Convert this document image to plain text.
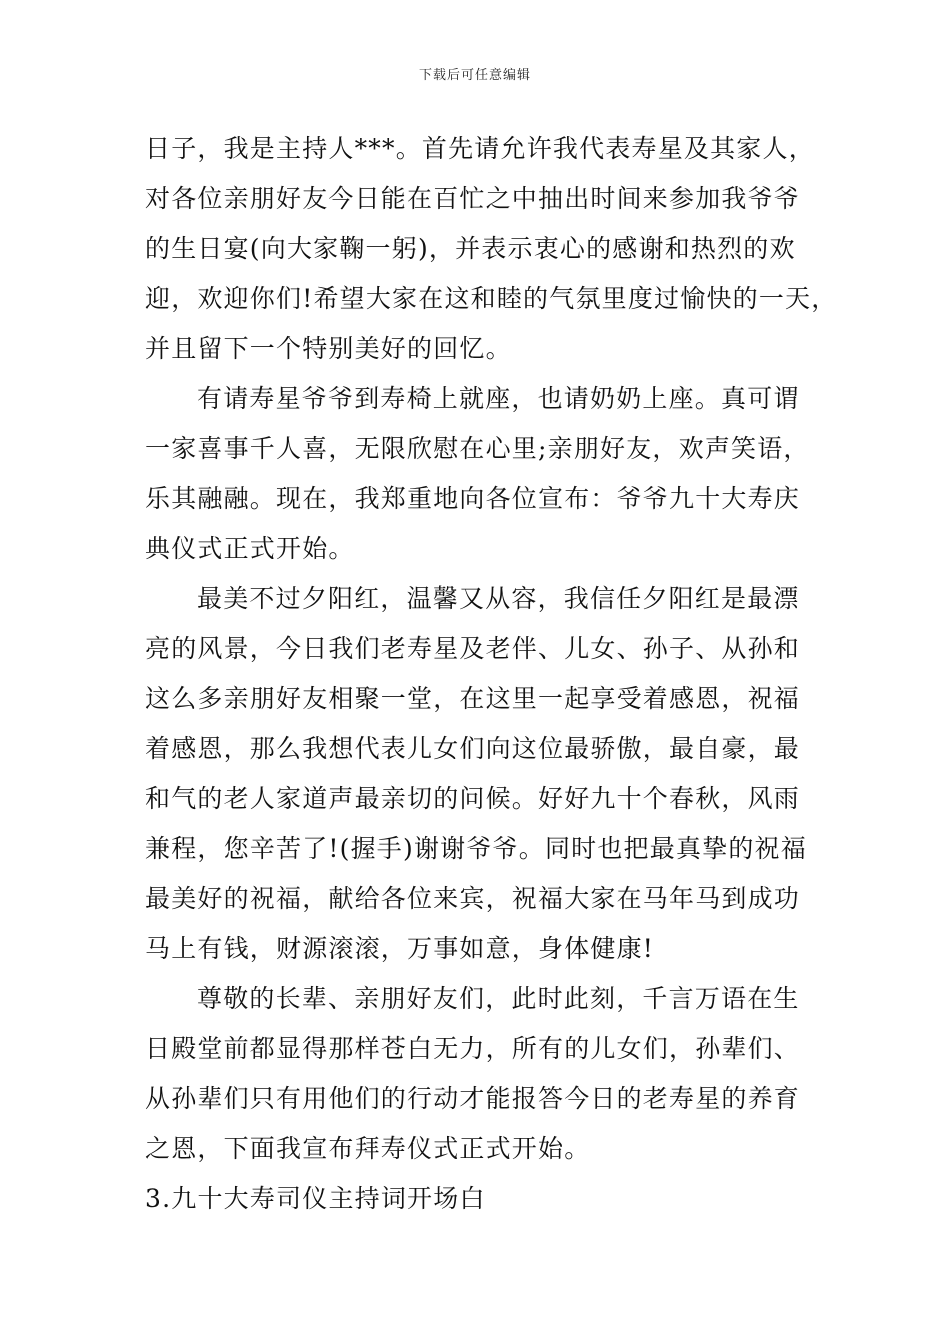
下载后可任意编辑
日子，我是主持人***。首先请允许我代表寿星及其家人，
对各位亲朋好友今日能在百忙之中抽出时间来参加我爷爷
的生日宴(向大家鞠一躬)，并表示衷心的感谢和热烈的欢
迎，欢迎你们!希望大家在这和睦的气氛里度过愉快的一天，
并且留下一个特别美好的回忆。
有请寿星爷爷到寿椅上就座，也请奶奶上座。真可谓
一家喜事千人喜，无限欣慰在心里;亲朋好友，欢声笑语，
乐其融融。现在，我郑重地向各位宣布：爷爷九十大寿庆
典仪式正式开始。
最美不过夕阳红，温馨又从容，我信任夕阳红是最漂
亮的风景，今日我们老寿星及老伴、儿女、孙子、从孙和
这么多亲朋好友相聚一堂，在这里一起享受着感恩，祝福
着感恩，那么我想代表儿女们向这位最骄傲，最自豪，最
和气的老人家道声最亲切的问候。好好九十个春秋，风雨
兼程，您辛苦了!(握手)谢谢爷爷。同时也把最真挚的祝福
最美好的祝福，献给各位来宾，祝福大家在马年马到成功
马上有钱，财源滚滚，万事如意，身体健康!
尊敬的长辈、亲朋好友们，此时此刻，千言万语在生
日殿堂前都显得那样苍白无力，所有的儿女们，孙辈们、
从孙辈们只有用他们的行动才能报答今日的老寿星的养育
之恩，下面我宣布拜寿仪式正式开始。
3.九十大寿司仪主持词开场白
